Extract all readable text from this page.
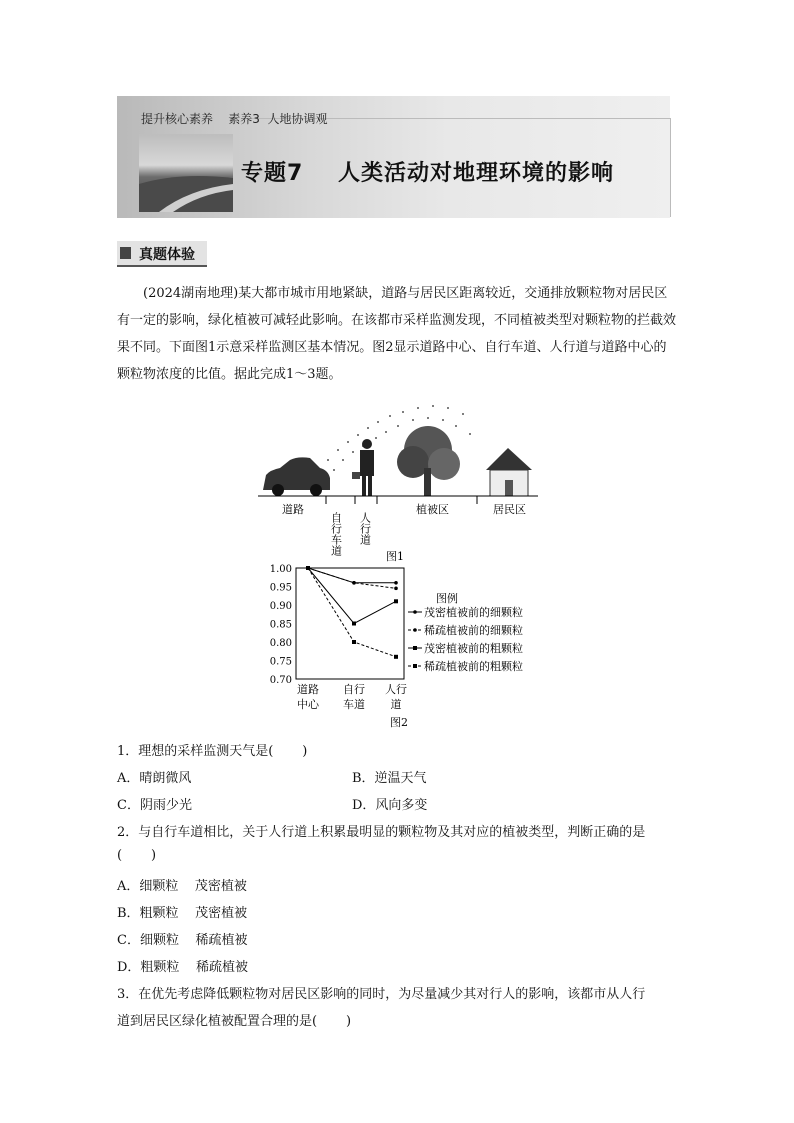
提升核心素养    素养3  人地协调观
专题7    人类活动对地理环境的影响
真题体验
(2024湖南地理)某大都市城市用地紧缺，道路与居民区距离较近，交通排放颗粒物对居民区有一定的影响，绿化植被可减轻此影响。在该都市采样监测发现，不同植被类型对颗粒物的拦截效果不同。下面图1示意采样监测区基本情况。图2显示道路中心、自行车道、人行道与道路中心的颗粒物浓度的比值。据此完成1～3题。
道路
自行车道 人行道
植被区	居民区
图1
1.00
0.95
0.90
0.85
0.80
0.75
0.70
道路
中心
自行
车道
人行
道
图例
茂密植被前的细颗粒
稀疏植被前的细颗粒
茂密植被前的粗颗粒
稀疏植被前的粗颗粒
图2
1．理想的采样监测天气是(       )
A．晴朗微风	B．逆温天气
C．阴雨少光	D．风向多变
2．与自行车道相比，关于人行道上积累最明显的颗粒物及其对应的植被类型，判断正确的是
(       )
A．细颗粒    茂密植被
B．粗颗粒    茂密植被
C．细颗粒    稀疏植被
D．粗颗粒    稀疏植被
3．在优先考虑降低颗粒物对居民区影响的同时，为尽量减少其对行人的影响，该都市从人行
道到居民区绿化植被配置合理的是(       )
